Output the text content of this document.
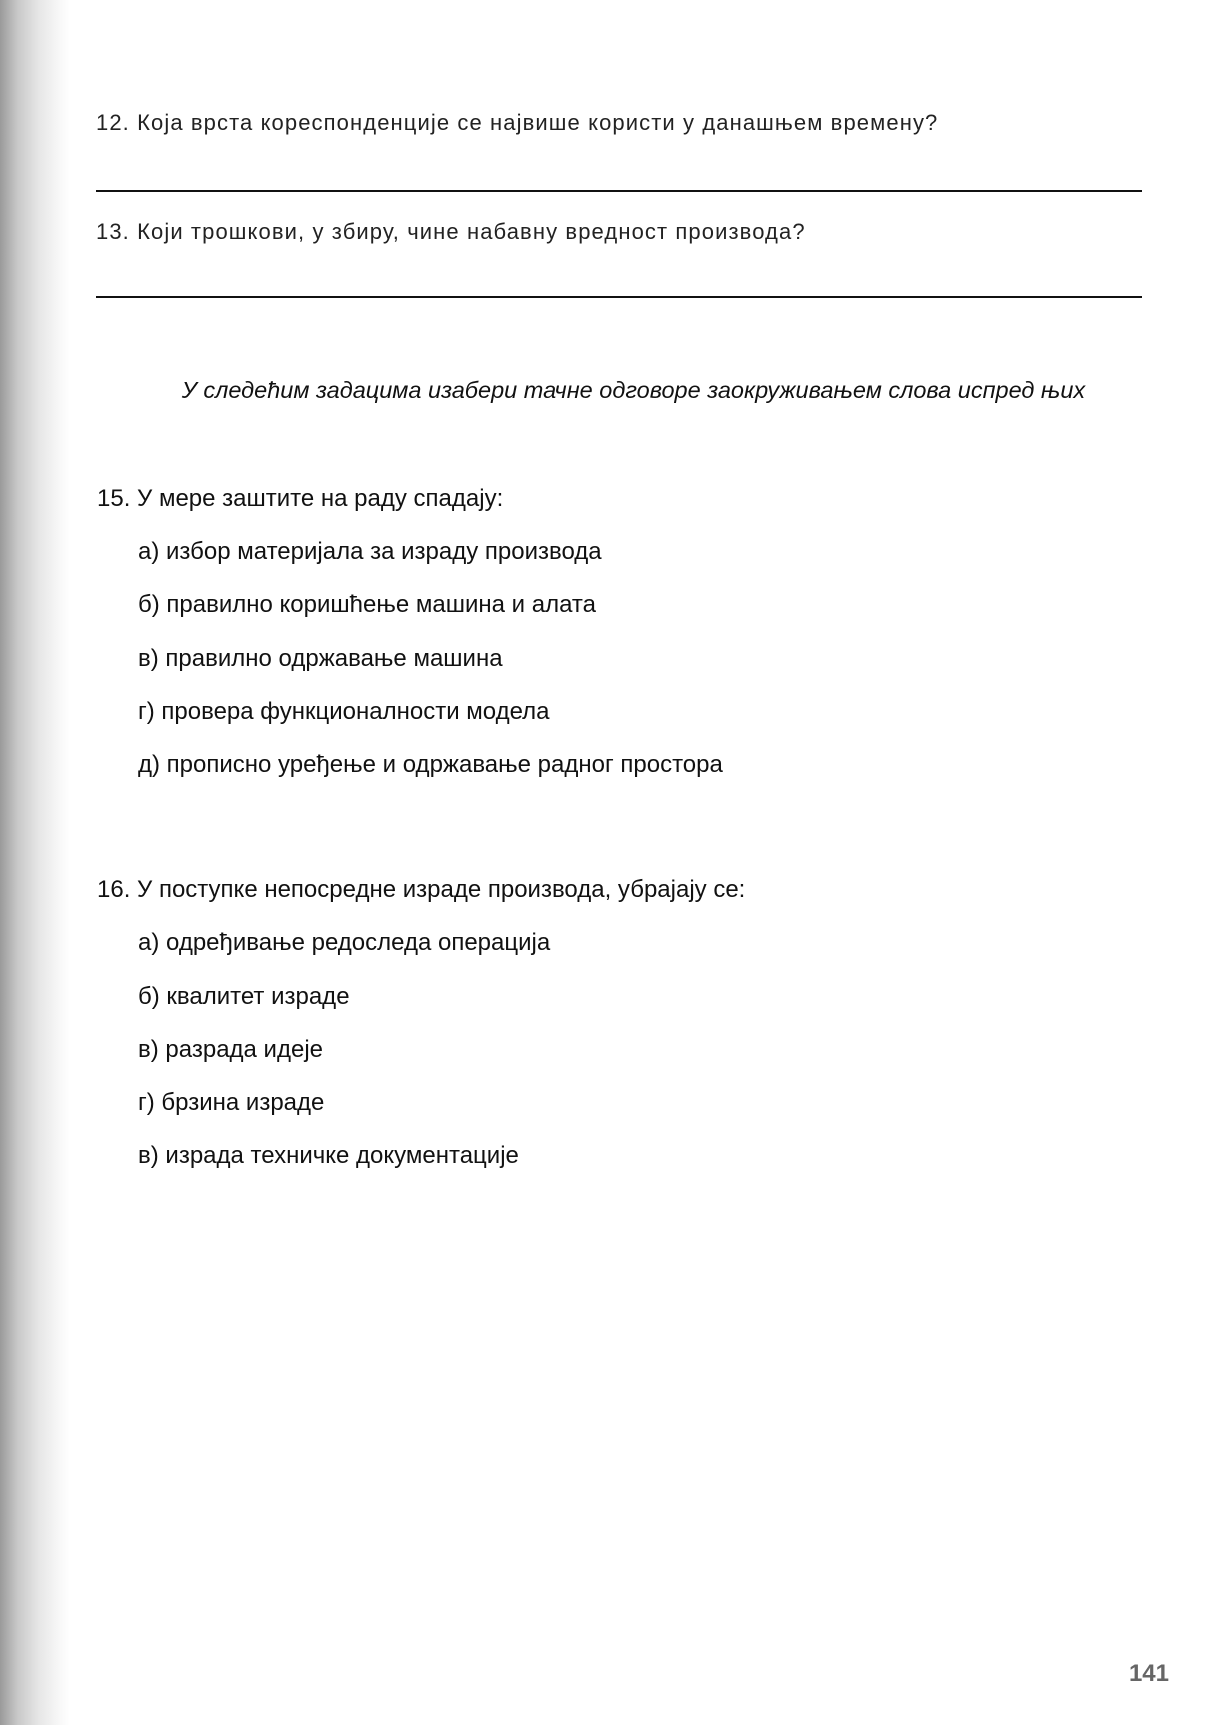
12. Која врста кореспонденције се највише користи у данашњем времену?
13. Који трошкови, у збиру, чине набавну вредност производа?
У следећим задацима изабери тачне одговоре заокруживањем слова испред њих
15. У мере заштите на раду спадају:
а) избор материјала за израду производа
б) правилно коришћење машина и алата
в) правилно одржавање машина
г) провера функционалности модела
д) прописно уређење и одржавање радног простора
16. У поступке непосредне израде производа, убрајају се:
а) одређивање редоследа операција
б) квалитет израде
в) разрада идеје
г) брзина израде
в) израда техничке документације
141
